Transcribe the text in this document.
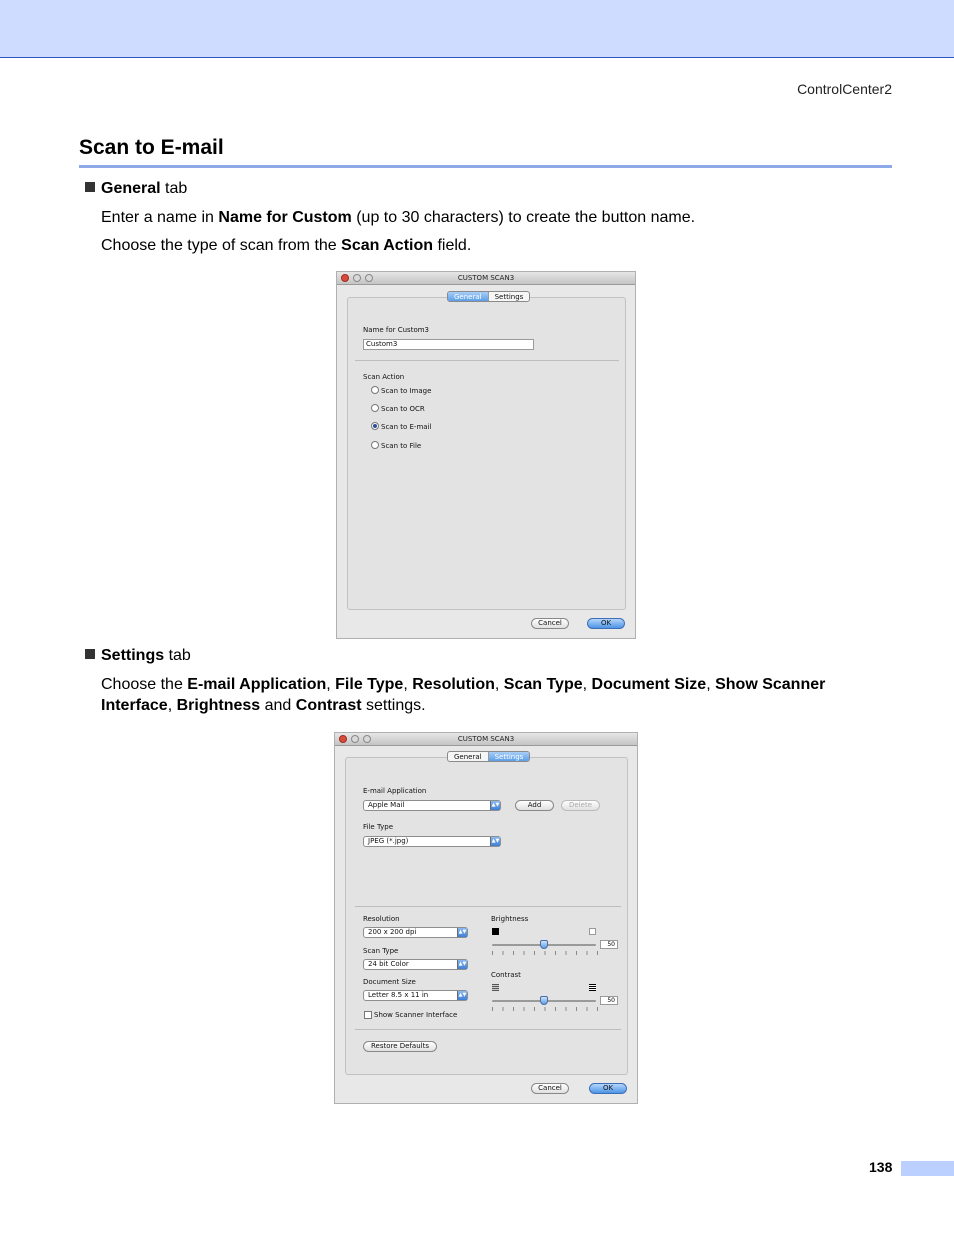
ControlCenter2
Scan to E-mail
General tab
Enter a name in Name for Custom (up to 30 characters) to create the button name.
Choose the type of scan from the Scan Action field.
CUSTOM SCAN3
General	Settings
Name for Custom3
Custom3
Scan Action
Scan to Image
Scan to OCR
Scan to E-mail
Scan to File
Cancel	OK
Settings tab
Choose the E-mail Application, File Type, Resolution, Scan Type, Document Size, Show Scanner Interface, Brightness and Contrast settings.
CUSTOM SCAN3
General	Settings
E-mail Application
Apple Mail	▲▼	Add	Delete
File Type
JPEG (*.jpg)	▲▼
Resolution
200 x 200 dpi	▲▼
Scan Type
24 bit Color	▲▼
Document Size
Letter 8.5 x 11 in	▲▼
Show Scanner Interface
Brightness
50
Contrast
50
Restore Defaults
Cancel	OK
138
